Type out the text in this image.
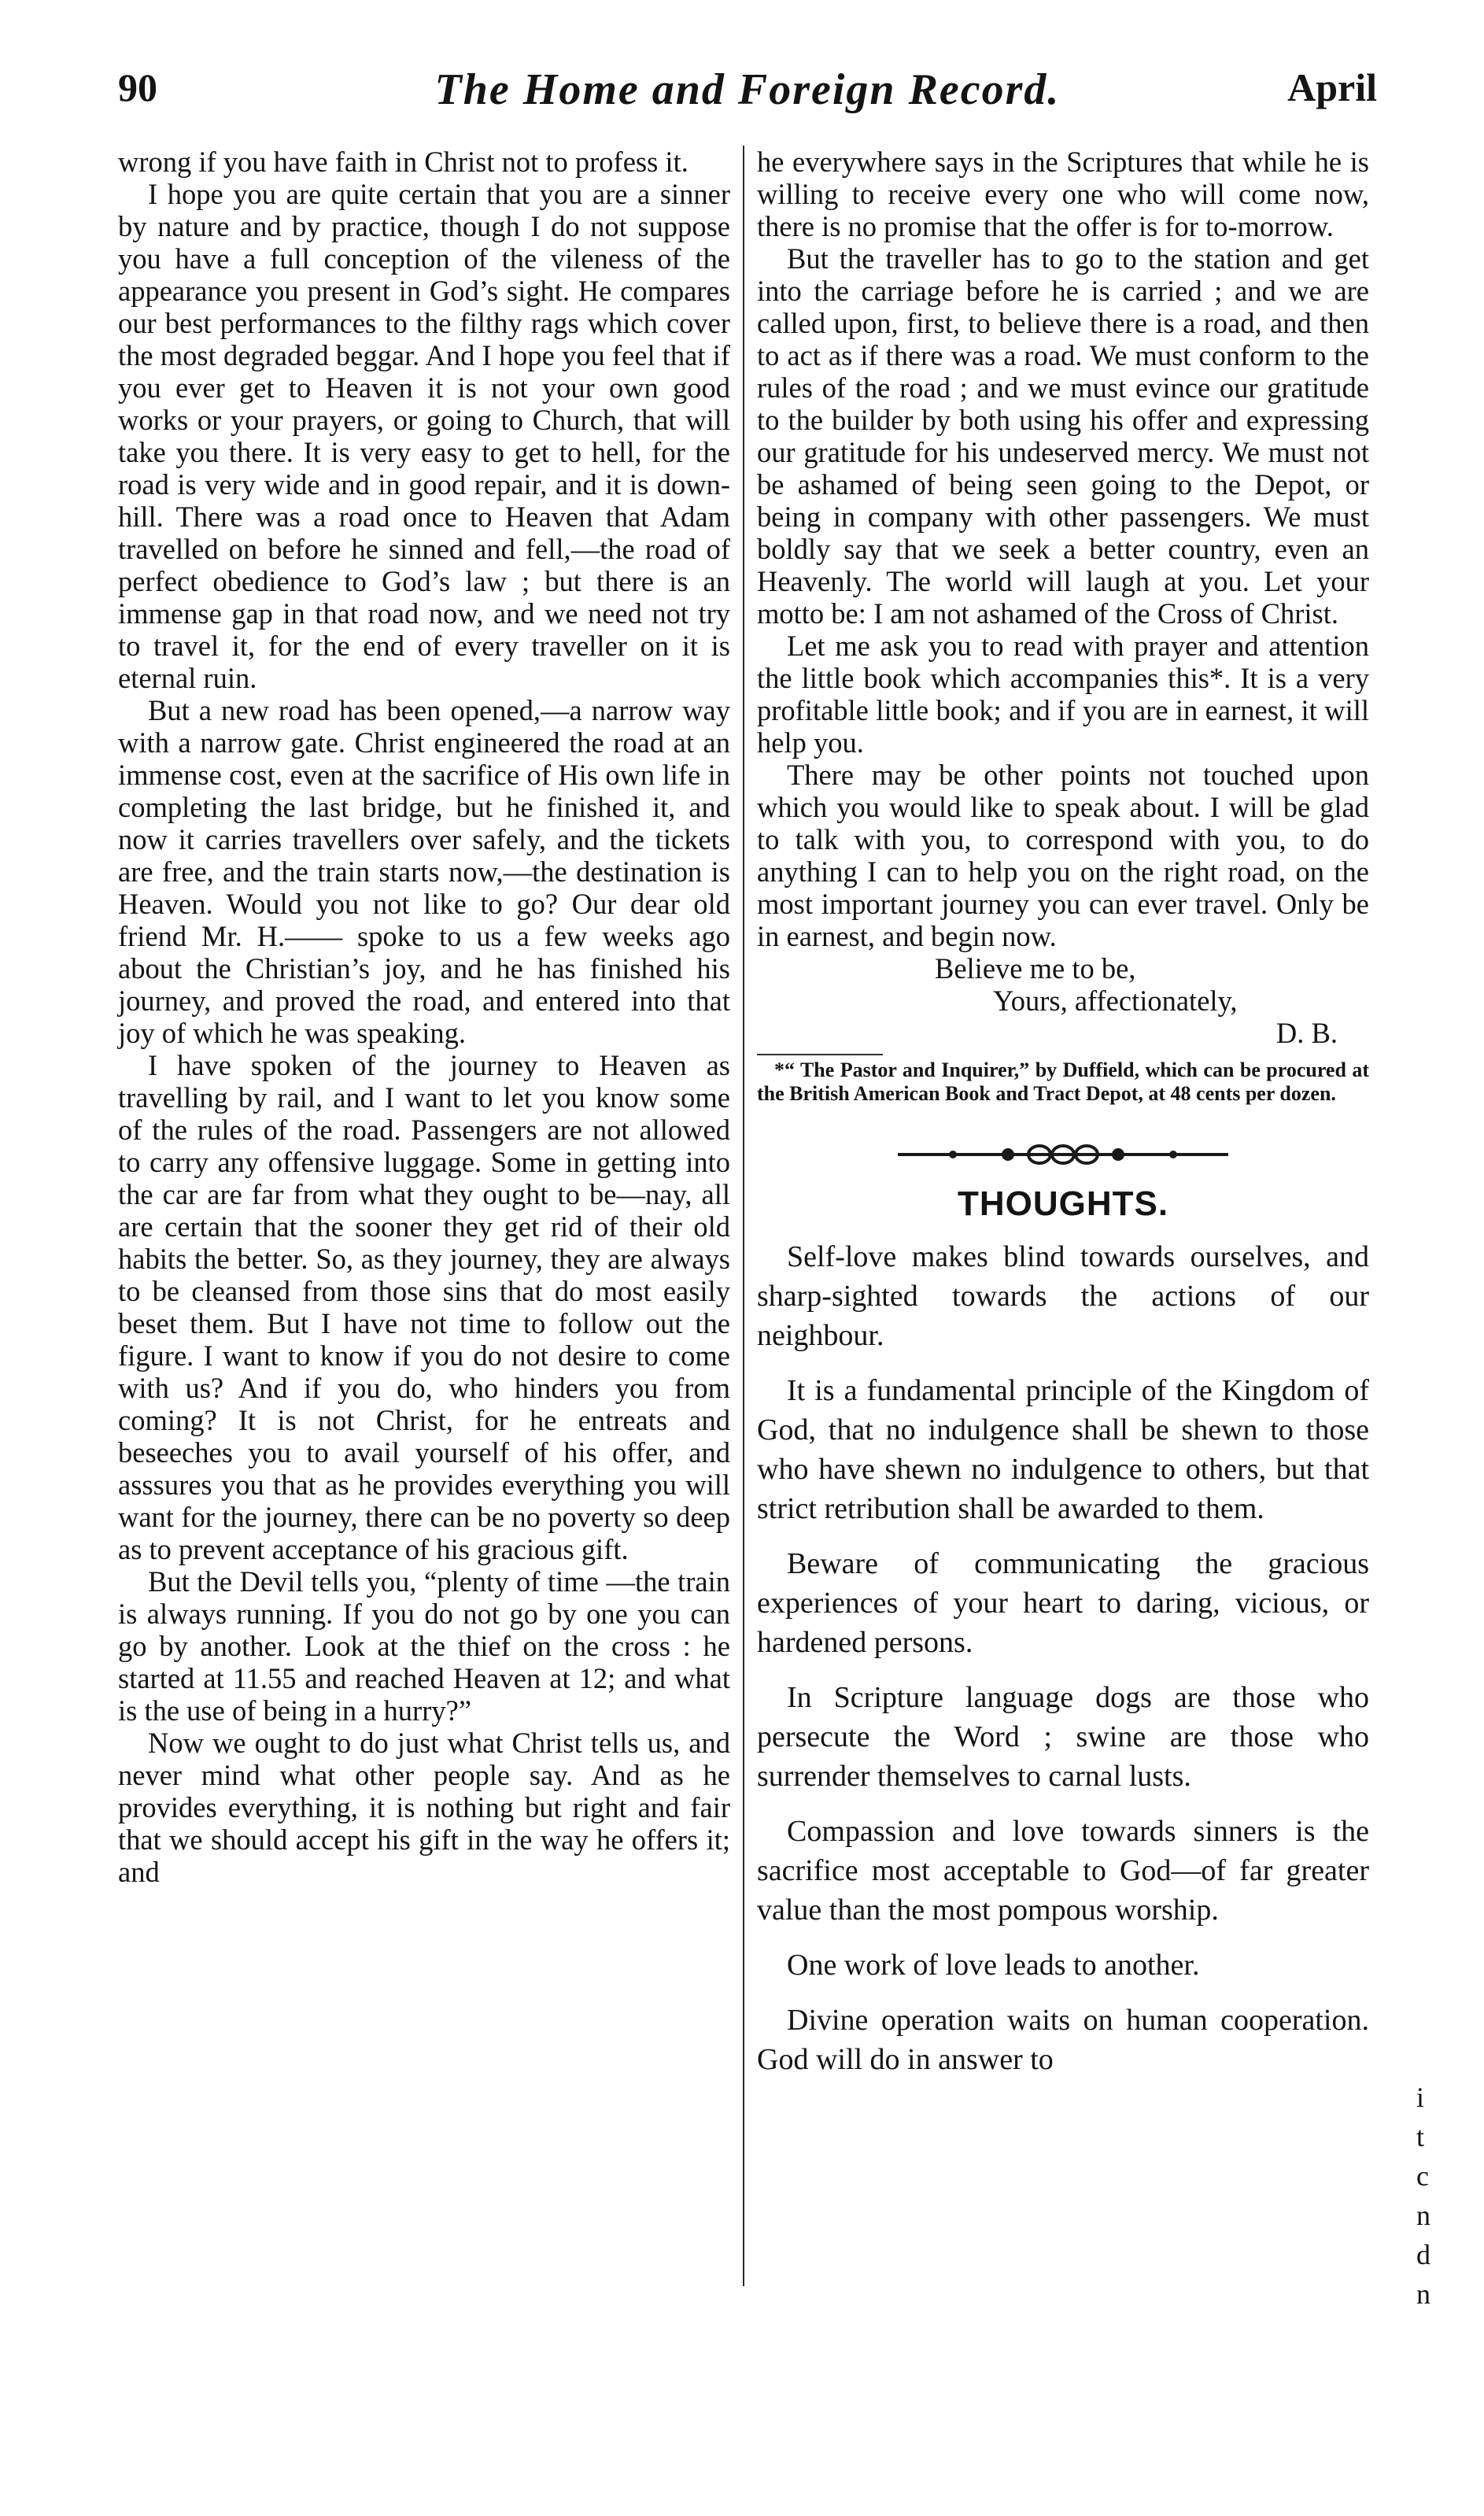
90	The Home and Foreign Record.	April

wrong if you have faith in Christ not to profess it.

I hope you are quite certain that you are a sinner by nature and by practice, though I do not suppose you have a full conception of the vileness of the appearance you present in God’s sight. He compares our best performances to the filthy rags which cover the most degraded beggar. And I hope you feel that if you ever get to Heaven it is not your own good works or your prayers, or going to Church, that will take you there. It is very easy to get to hell, for the road is very wide and in good repair, and it is down-hill. There was a road once to Heaven that Adam travelled on before he sinned and fell,—the road of perfect obedience to God’s law ; but there is an immense gap in that road now, and we need not try to travel it, for the end of every traveller on it is eternal ruin.

But a new road has been opened,—a narrow way with a narrow gate. Christ engineered the road at an immense cost, even at the sacrifice of His own life in completing the last bridge, but he finished it, and now it carries travellers over safely, and the tickets are free, and the train starts now,—the destination is Heaven. Would you not like to go? Our dear old friend Mr. H.—— spoke to us a few weeks ago about the Christian’s joy, and he has finished his journey, and proved the road, and entered into that joy of which he was speaking.

I have spoken of the journey to Heaven as travelling by rail, and I want to let you know some of the rules of the road. Passengers are not allowed to carry any offensive luggage. Some in getting into the car are far from what they ought to be—nay, all are certain that the sooner they get rid of their old habits the better. So, as they journey, they are always to be cleansed from those sins that do most easily beset them. But I have not time to follow out the figure. I want to know if you do not desire to come with us? And if you do, who hinders you from coming? It is not Christ, for he entreats and beseeches you to avail yourself of his offer, and asssures you that as he provides everything you will want for the journey, there can be no poverty so deep as to prevent acceptance of his gracious gift.

But the Devil tells you, “plenty of time —the train is always running. If you do not go by one you can go by another. Look at the thief on the cross : he started at 11.55 and reached Heaven at 12; and what is the use of being in a hurry?”

Now we ought to do just what Christ tells us, and never mind what other people say. And as he provides everything, it is nothing but right and fair that we should accept his gift in the way he offers it; and

he everywhere says in the Scriptures that while he is willing to receive every one who will come now, there is no promise that the offer is for to-morrow.

But the traveller has to go to the station and get into the carriage before he is carried ; and we are called upon, first, to believe there is a road, and then to act as if there was a road. We must conform to the rules of the road ; and we must evince our gratitude to the builder by both using his offer and expressing our gratitude for his undeserved mercy. We must not be ashamed of being seen going to the Depot, or being in company with other passengers. We must boldly say that we seek a better country, even an Heavenly. The world will laugh at you. Let your motto be: I am not ashamed of the Cross of Christ.

Let me ask you to read with prayer and attention the little book which accompanies this*. It is a very profitable little book; and if you are in earnest, it will help you.

There may be other points not touched upon which you would like to speak about. I will be glad to talk with you, to correspond with you, to do anything I can to help you on the right road, on the most important journey you can ever travel. Only be in earnest, and begin now.

Believe me to be,

Yours, affectionately,

D. B.

*“ The Pastor and Inquirer,” by Duffield, which can be procured at the British American Book and Tract Depot, at 48 cents per dozen.

THOUGHTS.

Self-love makes blind towards ourselves, and sharp-sighted towards the actions of our neighbour.

It is a fundamental principle of the Kingdom of God, that no indulgence shall be shewn to those who have shewn no indulgence to others, but that strict retribution shall be awarded to them.

Beware of communicating the gracious experiences of your heart to daring, vicious, or hardened persons.

In Scripture language dogs are those who persecute the Word ; swine are those who surrender themselves to carnal lusts.

Compassion and love towards sinners is the sacrifice most acceptable to God—of far greater value than the most pompous worship.

One work of love leads to another.

Divine operation waits on human cooperation. God will do in answer to

i
t
c
n
d
n
